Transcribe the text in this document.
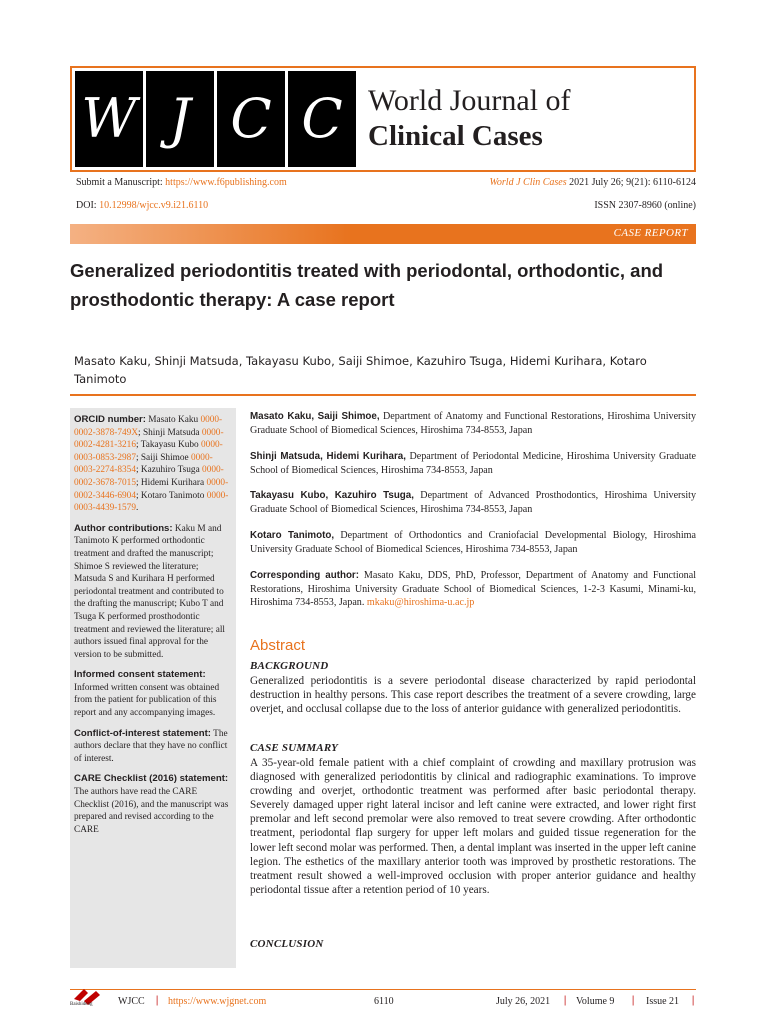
W J C C World Journal of
Clinical Cases
Submit a Manuscript: https://www.f6publishing.com	World J Clin Cases 2021 July 26; 9(21): 6110-6124
DOI: 10.12998/wjcc.v9.i21.6110	ISSN 2307-8960 (online)
CASE REPORT
Generalized periodontitis treated with periodontal, orthodontic, and prosthodontic therapy: A case report
Masato Kaku, Shinji Matsuda, Takayasu Kubo, Saiji Shimoe, Kazuhiro Tsuga, Hidemi Kurihara, Kotaro Tanimoto
ORCID number: Masato Kaku 0000-0002-3878-749X; Shinji Matsuda 0000-0002-4281-3216; Takayasu Kubo 0000-0003-0853-2987; Saiji Shimoe 0000-0003-2274-8354; Kazuhiro Tsuga 0000-0002-3678-7015; Hidemi Kurihara 0000-0002-3446-6904; Kotaro Tanimoto 0000-0003-4439-1579.
Author contributions: Kaku M and Tanimoto K performed orthodontic treatment and drafted the manuscript; Shimoe S reviewed the literature; Matsuda S and Kurihara H performed periodontal treatment and contributed to the drafting the manuscript; Kubo T and Tsuga K performed prosthodontic treatment and reviewed the literature; all authors issued final approval for the version to be submitted.
Informed consent statement: Informed written consent was obtained from the patient for publication of this report and any accompanying images.
Conflict-of-interest statement: The authors declare that they have no conflict of interest.
CARE Checklist (2016) statement: The authors have read the CARE Checklist (2016), and the manuscript was prepared and revised according to the CARE
Masato Kaku, Saiji Shimoe, Department of Anatomy and Functional Restorations, Hiroshima University Graduate School of Biomedical Sciences, Hiroshima 734-8553, Japan
Shinji Matsuda, Hidemi Kurihara, Department of Periodontal Medicine, Hiroshima University Graduate School of Biomedical Sciences, Hiroshima 734-8553, Japan
Takayasu Kubo, Kazuhiro Tsuga, Department of Advanced Prosthodontics, Hiroshima University Graduate School of Biomedical Sciences, Hiroshima 734-8553, Japan
Kotaro Tanimoto, Department of Orthodontics and Craniofacial Developmental Biology, Hiroshima University Graduate School of Biomedical Sciences, Hiroshima 734-8553, Japan
Corresponding author: Masato Kaku, DDS, PhD, Professor, Department of Anatomy and Functional Restorations, Hiroshima University Graduate School of Biomedical Sciences, 1-2-3 Kasumi, Minami-ku, Hiroshima 734-8553, Japan. mkaku@hiroshima-u.ac.jp
Abstract
BACKGROUND
Generalized periodontitis is a severe periodontal disease characterized by rapid periodontal destruction in healthy persons. This case report describes the treatment of a severe crowding, large overjet, and occlusal collapse due to the loss of anterior guidance with generalized periodontitis.
CASE SUMMARY
A 35-year-old female patient with a chief complaint of crowding and maxillary protrusion was diagnosed with generalized periodontitis by clinical and radiographic examinations. To improve crowding and overjet, orthodontic treatment was performed after basic periodontal therapy. Severely damaged upper right lateral incisor and left canine were extracted, and lower right first premolar and left second premolar were also removed to treat severe crowding. After orthodontic treatment, periodontal flap surgery for upper left molars and guided tissue regeneration for the lower left second molar was performed. Then, a dental implant was inserted in the upper left canine legion. The esthetics of the maxillary anterior tooth was improved by prosthetic restorations. The treatment result showed a well-improved occlusion with proper anterior guidance and healthy periodontal tissue after a retention period of 10 years.
CONCLUSION
Baishideng	WJCC | https://www.wjgnet.com	6110	July 26, 2021 | Volume 9 | Issue 21 |
